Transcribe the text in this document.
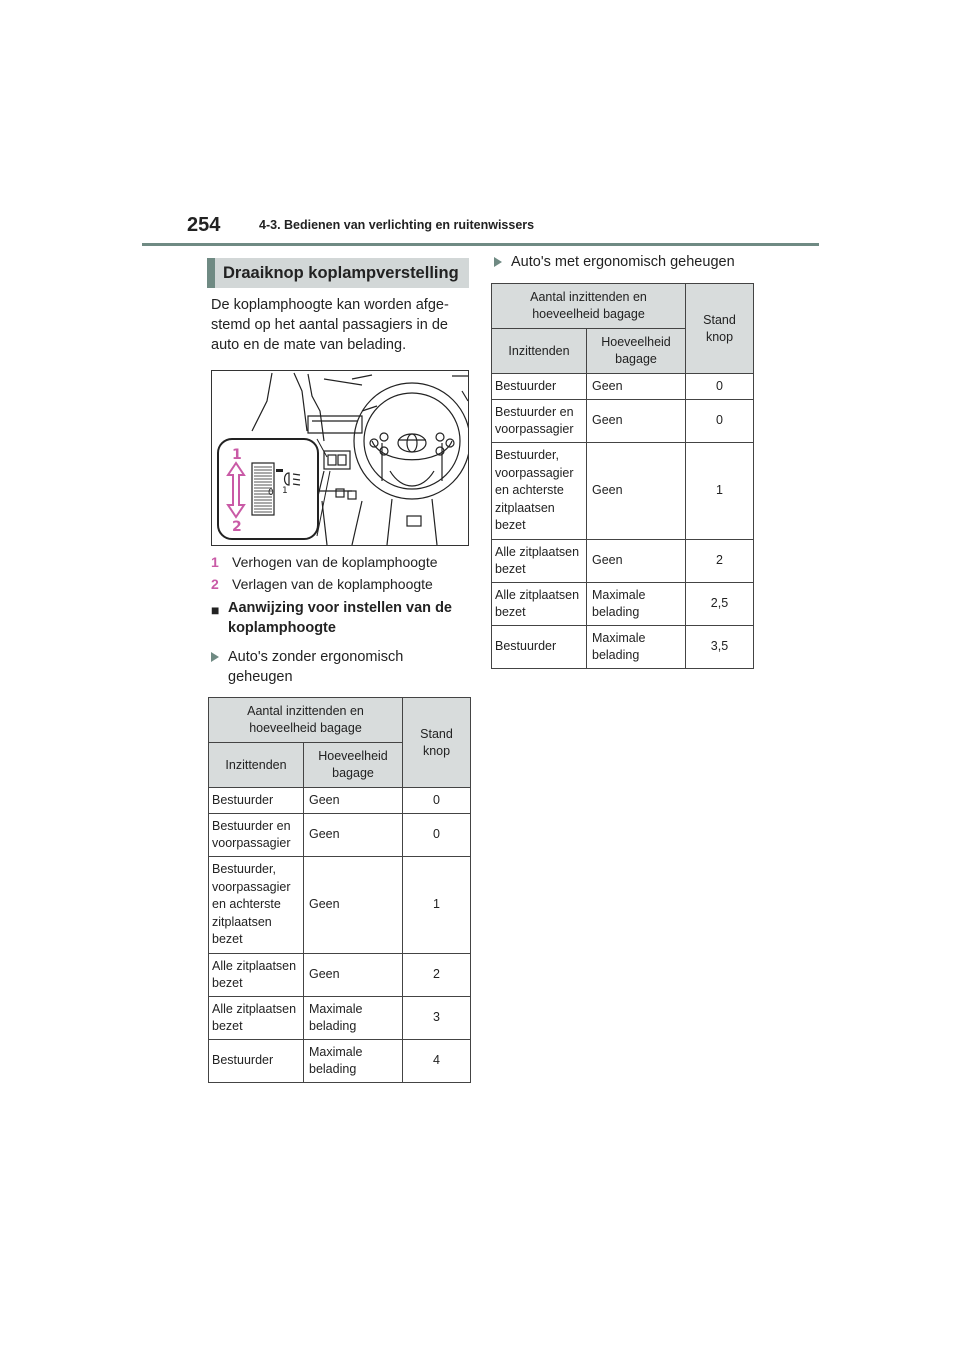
254	4-3. Bedienen van verlichting en ruitenwissers
Draaiknop koplampverstelling
De koplamphoogte kan worden afge-stemd op het aantal passagiers in de auto en de mate van belading.
1
0
1
2
1 Verhogen van de koplamphoogte
2 Verlagen van de koplamphoogte
■ Aanwijzing voor instellen van de koplamphoogte
Auto's zonder ergonomisch geheugen
Aantal inzittenden en hoeveelheid bagage		Stand knop
Inzittenden	Hoeveelheid bagage	
Bestuurder	Geen	0
Bestuurder en voorpassagier	Geen	0
Bestuurder, voorpassagier en achterste zitplaatsen bezet	Geen	1
Alle zitplaatsen bezet	Geen	2
Alle zitplaatsen bezet	Maximale belading	3
Bestuurder	Maximale belading	4
Auto's met ergonomisch geheugen
Aantal inzittenden en hoeveelheid bagage		Stand knop
Inzittenden	Hoeveelheid bagage	
Bestuurder	Geen	0
Bestuurder en voorpassagier	Geen	0
Bestuurder, voorpassagier en achterste zitplaatsen bezet	Geen	1
Alle zitplaatsen bezet	Geen	2
Alle zitplaatsen bezet	Maximale belading	2,5
Bestuurder	Maximale belading	3,5
